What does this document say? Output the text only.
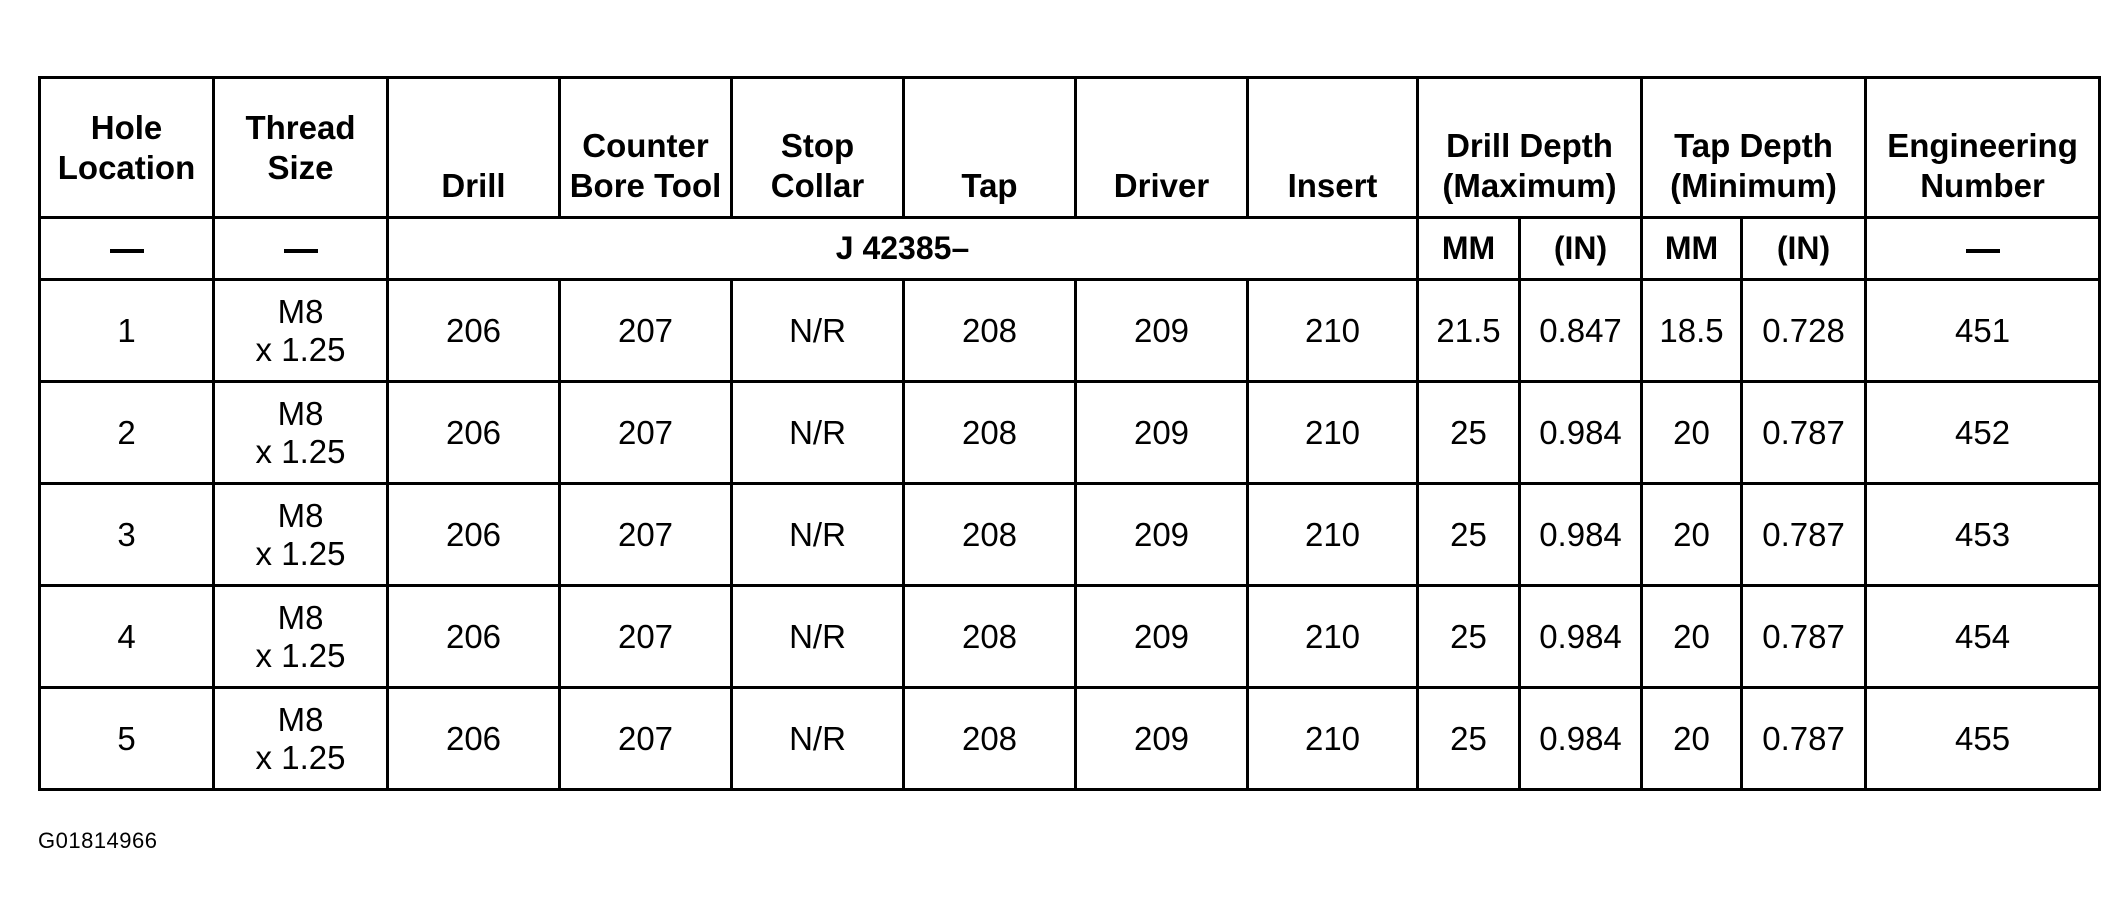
Hole Location	Thread Size	Drill	Counter Bore Tool	Stop Collar	Tap	Driver	Insert	Drill Depth (Maximum)		Tap Depth (Minimum)		Engineering Number
		J 42385–						MM	(IN)	MM	(IN)	
1	M8
x 1.25	206	207	N/R	208	209	210	21.5	0.847	18.5	0.728	451
2	M8
x 1.25	206	207	N/R	208	209	210	25	0.984	20	0.787	452
3	M8
x 1.25	206	207	N/R	208	209	210	25	0.984	20	0.787	453
4	M8
x 1.25	206	207	N/R	208	209	210	25	0.984	20	0.787	454
5	M8
x 1.25	206	207	N/R	208	209	210	25	0.984	20	0.787	455
G01814966
